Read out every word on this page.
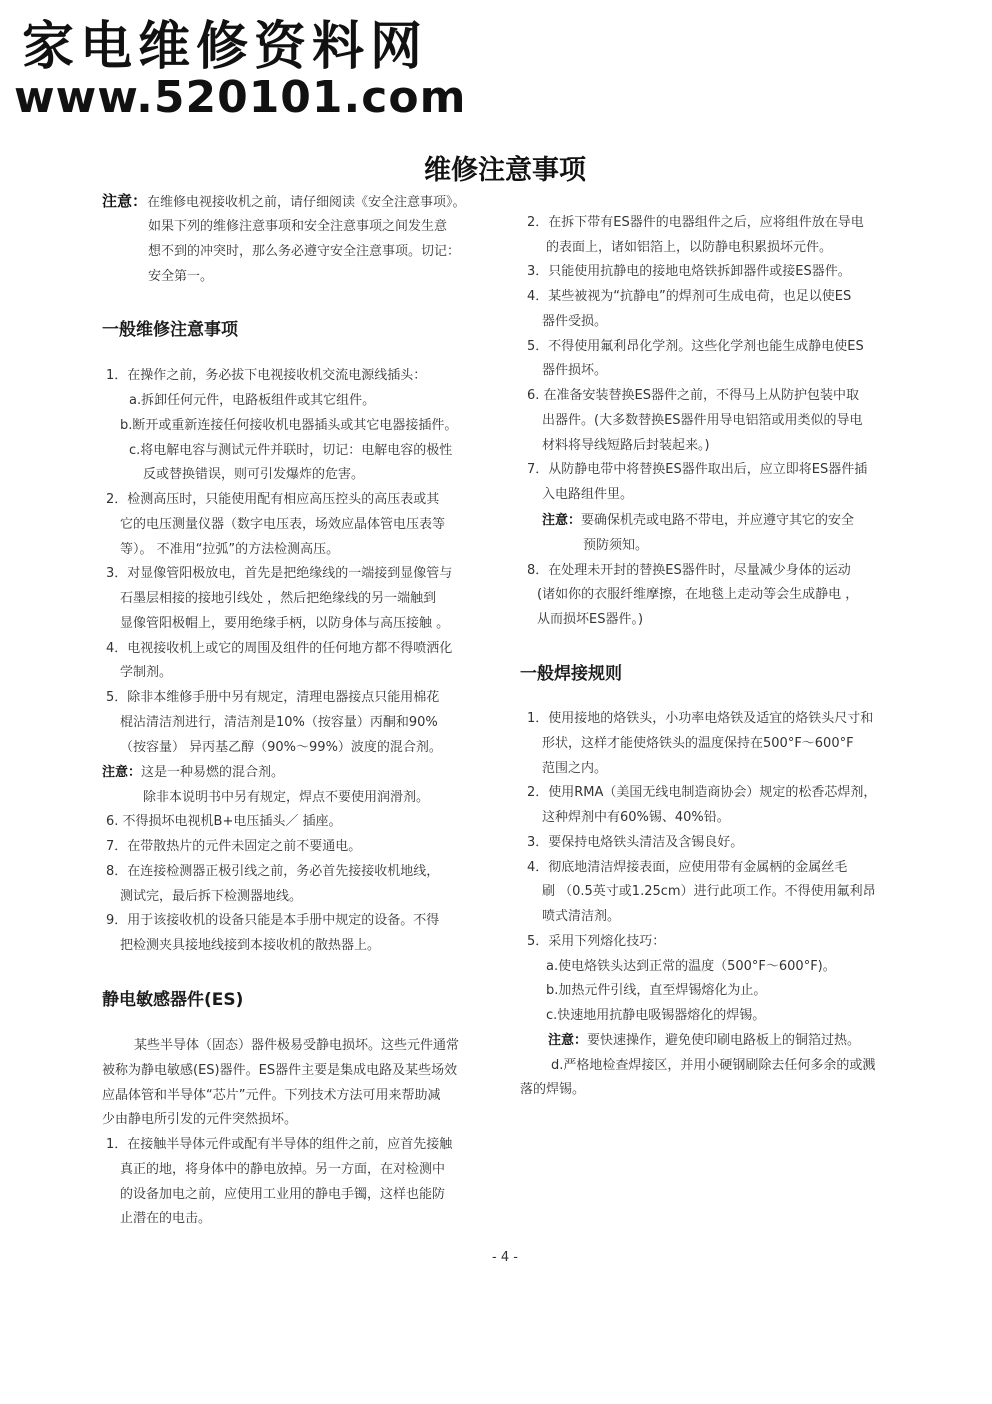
家电维修资料网
www.520101.com
维修注意事项
注意：在维修电视接收机之前，请仔细阅读《安全注意事项》。
如果下列的维修注意事项和安全注意事项之间发生意
想不到的冲突时，那么务必遵守安全注意事项。切记：
安全第一。
一般维修注意事项
1．在操作之前，务必拔下电视接收机交流电源线插头：
a.拆卸任何元件，电路板组件或其它组件。
b.断开或重新连接任何接收机电器插头或其它电器接插件。
c.将电解电容与测试元件并联时，切记：电解电容的极性
反或替换错误，则可引发爆炸的危害。
2．检测高压时，只能使用配有相应高压控头的高压表或其
它的电压测量仪器（数字电压表，场效应晶体管电压表等
等）。 不准用“拉弧”的方法检测高压。
3．对显像管阳极放电，首先是把绝缘线的一端接到显像管与
石墨层相接的接地引线处 ，然后把绝缘线的另一端触到
显像管阳极帽上，要用绝缘手柄，以防身体与高压接触 。
4．电视接收机上或它的周围及组件的任何地方都不得喷洒化
学制剂。
5．除非本维修手册中另有规定，清理电器接点只能用棉花
棍沾清洁剂进行，清洁剂是10%（按容量）丙酮和90%
（按容量） 异丙基乙醇（90%～99%）波度的混合剂。
注意：这是一种易燃的混合剂。
除非本说明书中另有规定，焊点不要使用润滑剂。
6. 不得损坏电视机B+电压插头／ 插座。
7．在带散热片的元件未固定之前不要通电。
8．在连接检测器正极引线之前，务必首先接接收机地线，
测试完，最后拆下检测器地线。
9．用于该接收机的设备只能是本手册中规定的设备。不得
把检测夹具接地线接到本接收机的散热器上。
静电敏感器件(ES)
某些半导体（固态）器件极易受静电损坏。这些元件通常
被称为静电敏感(ES)器件。ES器件主要是集成电路及某些场效
应晶体管和半导体“芯片”元件。下列技术方法可用来帮助减
少由静电所引发的元件突然损坏。
1．在接触半导体元件或配有半导体的组件之前，应首先接触
真正的地，将身体中的静电放掉。另一方面，在对检测中
的设备加电之前，应使用工业用的静电手镯，这样也能防
止潜在的电击。
2．在拆下带有ES器件的电器组件之后，应将组件放在导电
的表面上，诸如铝箔上，以防静电积累损坏元件。
3．只能使用抗静电的接地电烙铁拆卸器件或接ES器件。
4．某些被视为“抗静电”的焊剂可生成电荷，也足以使ES
器件受损。
5．不得使用氟利昂化学剂。这些化学剂也能生成静电使ES
器件损坏。
6. 在准备安装替换ES器件之前，不得马上从防护包装中取
出器件。(大多数替换ES器件用导电铝箔或用类似的导电
材料将导线短路后封装起来。)
7．从防静电带中将替换ES器件取出后，应立即将ES器件插
入电路组件里。
注意：要确保机壳或电路不带电，并应遵守其它的安全
预防须知。
8．在处理未开封的替换ES器件时，尽量减少身体的运动
(诸如你的衣服纤维摩擦，在地毯上走动等会生成静电 ，
从而损坏ES器件。)
一般焊接规则
1．使用接地的烙铁头，小功率电烙铁及适宜的烙铁头尺寸和
形状，这样才能使烙铁头的温度保持在500°F～600°F
范围之内。
2．使用RMA（美国无线电制造商协会）规定的松香芯焊剂，
这种焊剂中有60%锡、40%铅。
3．要保持电烙铁头清洁及含锡良好。
4．彻底地清洁焊接表面，应使用带有金属柄的金属丝毛
刷 （0.5英寸或1.25cm）进行此项工作。不得使用氟利昂
喷式清洁剂。
5．采用下列熔化技巧：
a.使电烙铁头达到正常的温度（500°F～600°F)。
b.加热元件引线，直至焊锡熔化为止。
c.快速地用抗静电吸锡器熔化的焊锡。
注意：要快速操作，避免使印刷电路板上的铜箔过热。
d.严格地检查焊接区，并用小硬钢刷除去任何多余的或溅
落的焊锡。
- 4 -
